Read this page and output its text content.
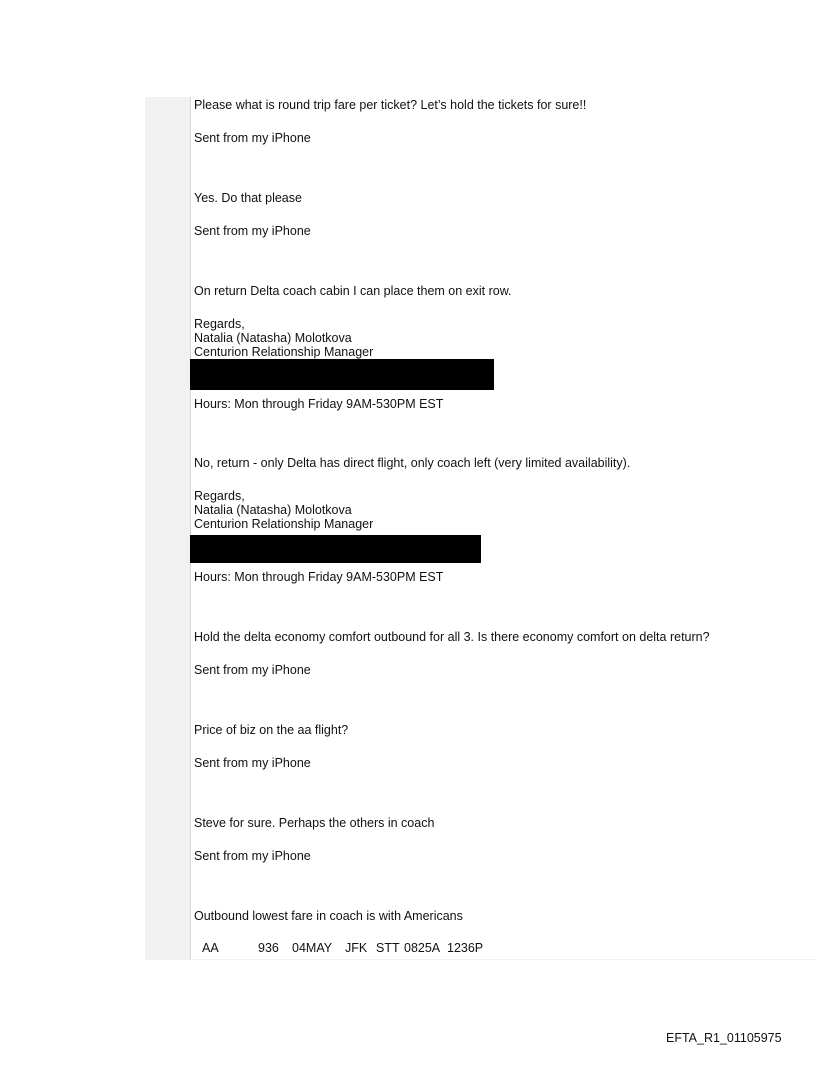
Please what is round trip fare per ticket? Let’s hold the tickets for sure!!
Sent from my iPhone
Yes. Do that please
Sent from my iPhone
On return Delta coach cabin I can place them on exit row.
Regards,
Natalia (Natasha) Molotkova
Centurion Relationship Manager
Hours: Mon through Friday 9AM-530PM EST
No, return - only Delta has direct flight, only coach left (very limited availability).
Regards,
Natalia (Natasha) Molotkova
Centurion Relationship Manager
Hours: Mon through Friday 9AM-530PM EST
Hold the delta economy comfort outbound for all 3. Is there economy comfort on delta return?
Sent from my iPhone
Price of biz on the aa flight?
Sent from my iPhone
Steve for sure. Perhaps the others in coach
Sent from my iPhone
Outbound lowest fare in coach is with Americans
AA	936 04MAY JFK STT 0825A 1236P
EFTA_R1_01105975
